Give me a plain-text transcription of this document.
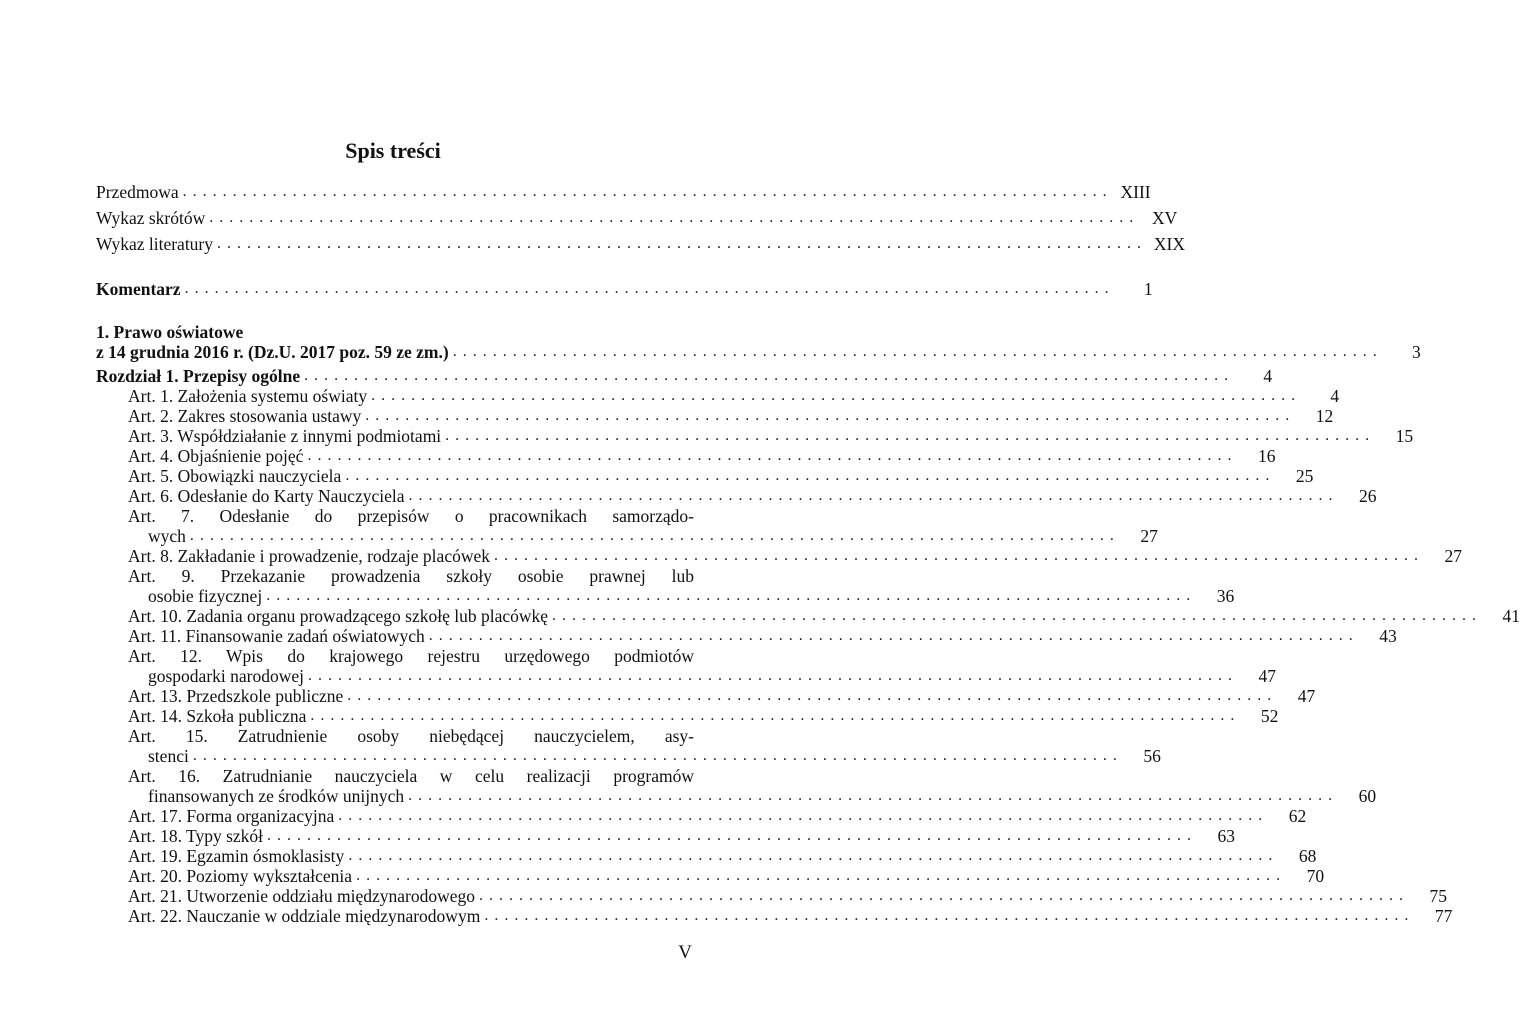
Spis treści
Przedmowa . . .	XIII
Wykaz skrótów . . .	XV
Wykaz literatury . . .	XIX
Komentarz . . .	1
1. Prawo oświatowe
z 14 grudnia 2016 r. (Dz.U. 2017 poz. 59 ze zm.) . . .	3
Rozdział 1. Przepisy ogólne . . .	4
Art. 1. Założenia systemu oświaty . . .	4
Art. 2. Zakres stosowania ustawy . . .	12
Art. 3. Współdziałanie z innymi podmiotami . . .	15
Art. 4. Objaśnienie pojęć . . .	16
Art. 5. Obowiązki nauczyciela . . .	25
Art. 6. Odesłanie do Karty Nauczyciela . . .	26
Art. 7. Odesłanie do przepisów o pracownikach samorządo-
wych . . .	27
Art. 8. Zakładanie i prowadzenie, rodzaje placówek . . .	27
Art. 9. Przekazanie prowadzenia szkoły osobie prawnej lub
osobie fizycznej . . .	36
Art. 10. Zadania organu prowadzącego szkołę lub placówkę . . .	41
Art. 11. Finansowanie zadań oświatowych . . .	43
Art. 12. Wpis do krajowego rejestru urzędowego podmiotów
gospodarki narodowej . . .	47
Art. 13. Przedszkole publiczne . . .	47
Art. 14. Szkoła publiczna . . .	52
Art. 15. Zatrudnienie osoby niebędącej nauczycielem, asy-
stenci . . .	56
Art. 16. Zatrudnianie nauczyciela w celu realizacji programów
finansowanych ze środków unijnych . . .	60
Art. 17. Forma organizacyjna . . .	62
Art. 18. Typy szkół . . .	63
Art. 19. Egzamin ósmoklasisty . . .	68
Art. 20. Poziomy wykształcenia . . .	70
Art. 21. Utworzenie oddziału międzynarodowego . . .	75
Art. 22. Nauczanie w oddziale międzynarodowym . . .	77

V
